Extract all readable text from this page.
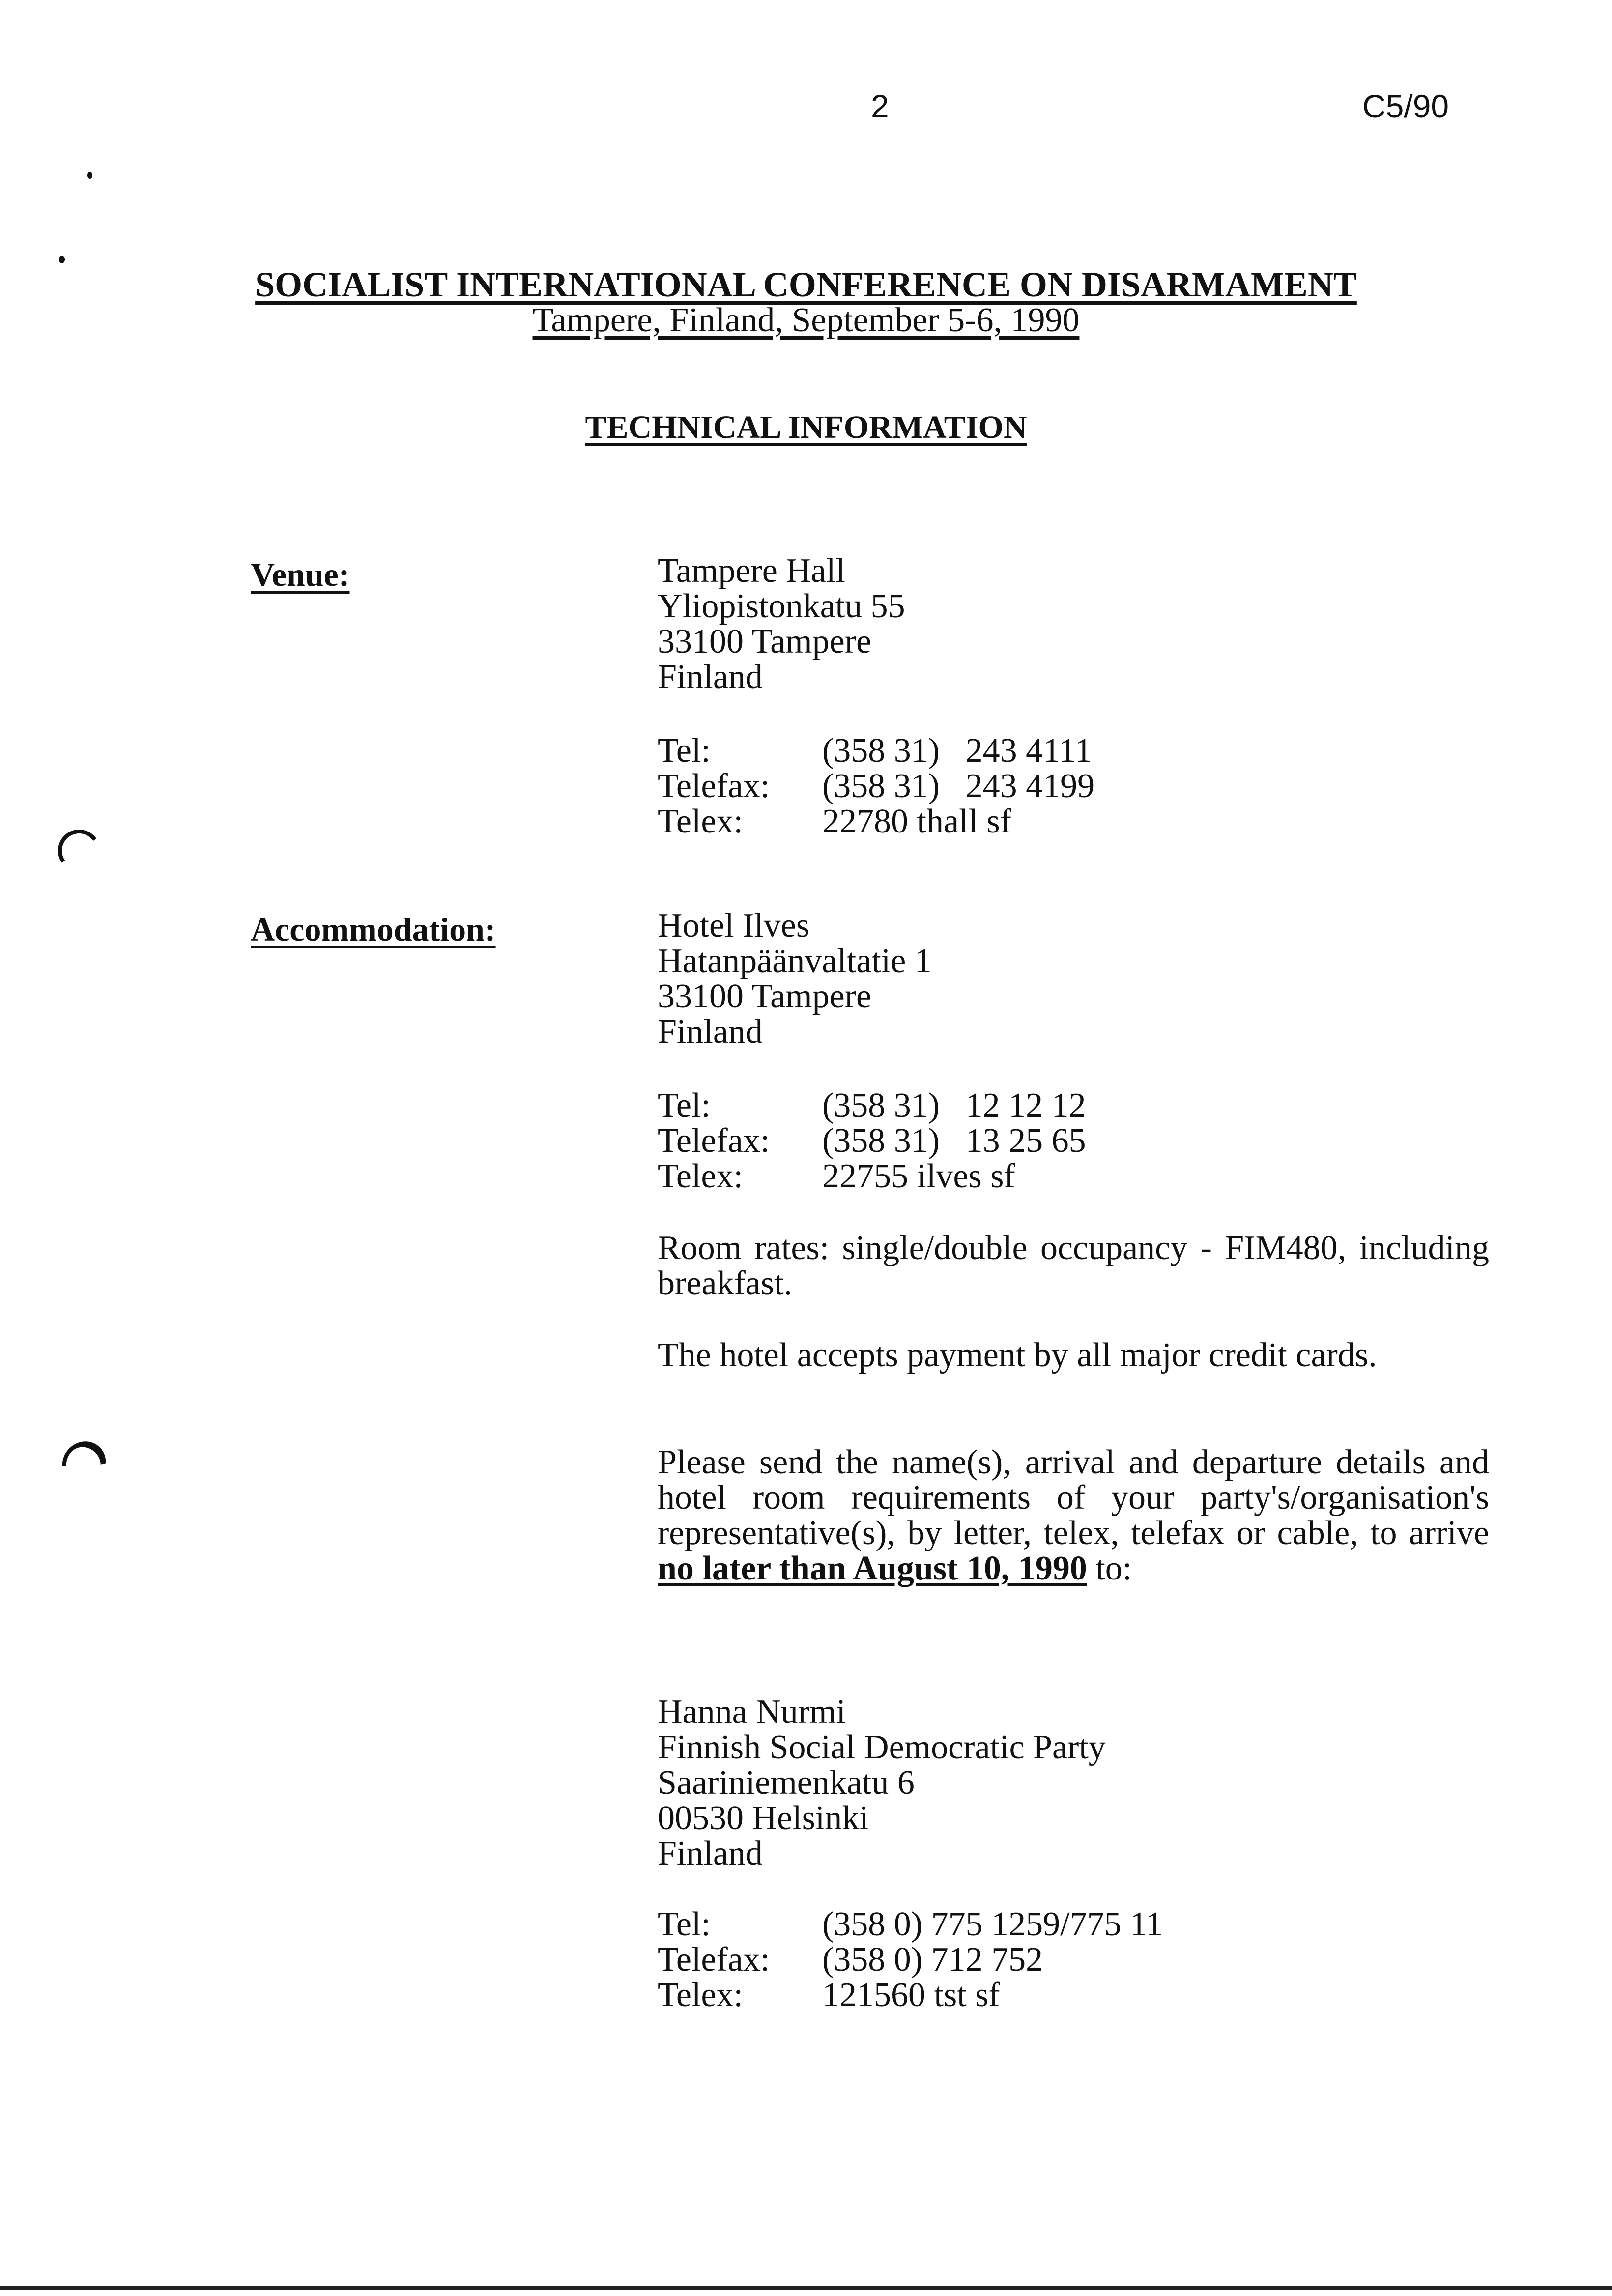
2	C5/90
SOCIALIST INTERNATIONAL CONFERENCE ON DISARMAMENT
Tampere, Finland, September 5-6, 1990
TECHNICAL INFORMATION
Venue:	Tampere Hall
Yliopistonkatu 55
33100 Tampere
Finland
Tel:	(358 31)   243 4111
Telefax: (358 31)   243 4199
Telex: 22780 thall sf
Accommodation:	Hotel Ilves
Hatanpäänvaltatie 1
33100 Tampere
Finland
Tel:	(358 31)   12 12 12
Telefax: (358 31)   13 25 65
Telex: 22755 ilves sf
Room rates: single/double occupancy - FIM480, including breakfast.
The hotel accepts payment by all major credit cards.
Please send the name(s), arrival and departure details and hotel room requirements of your party's/organisation's representative(s), by letter, telex, telefax or cable, to arrive no later than August 10, 1990 to:
Hanna Nurmi
Finnish Social Democratic Party
Saariniemenkatu 6
00530 Helsinki
Finland
Tel:	(358 0) 775 1259/775 11
Telefax: (358 0) 712 752
Telex: 121560 tst sf
